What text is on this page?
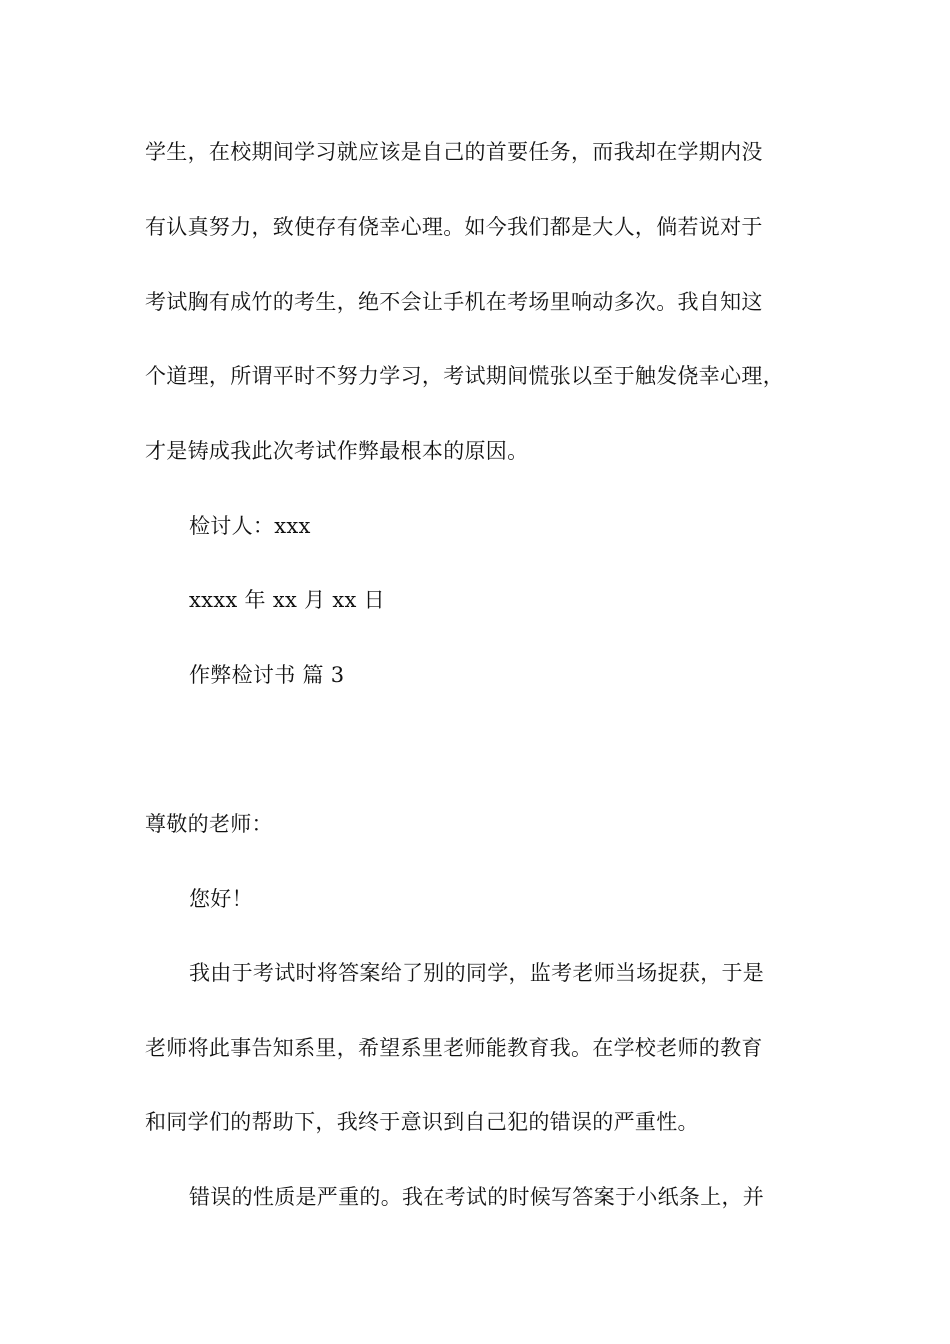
学生，在校期间学习就应该是自己的首要任务，而我却在学期内没
有认真努力，致使存有侥幸心理。如今我们都是大人，倘若说对于
考试胸有成竹的考生，绝不会让手机在考场里响动多次。我自知这
个道理，所谓平时不努力学习，考试期间慌张以至于触发侥幸心理，
才是铸成我此次考试作弊最根本的原因。
检讨人：xxx
xxxx 年 xx 月 xx 日
作弊检讨书 篇 3
尊敬的老师：
您好！
我由于考试时将答案给了别的同学，监考老师当场捉获，于是
老师将此事告知系里，希望系里老师能教育我。在学校老师的教育
和同学们的帮助下，我终于意识到自己犯的错误的严重性。
错误的性质是严重的。我在考试的时候写答案于小纸条上，并
